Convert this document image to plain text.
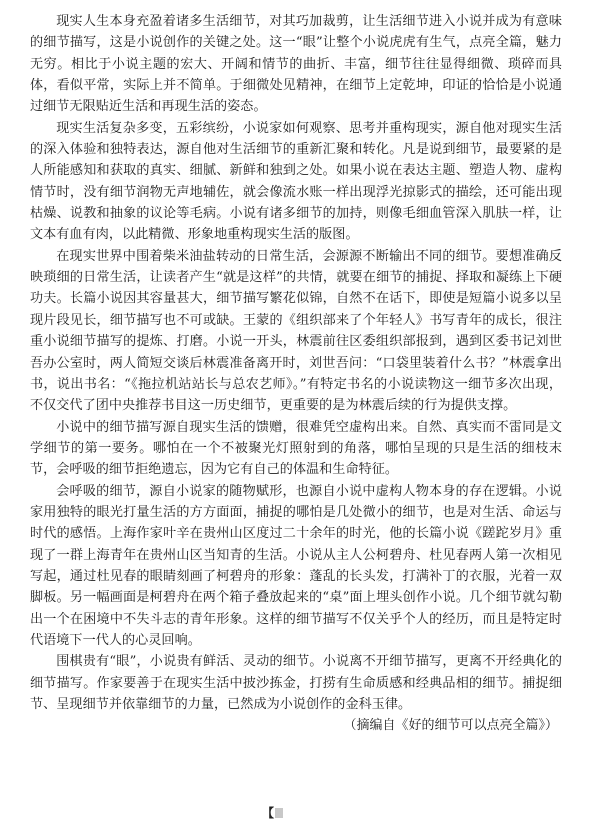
现实人生本身充盈着诸多生活细节，对其巧加裁剪，让生活细节进入小说并成为有意味的细节描写，这是小说创作的关键之处。这一“眼”让整个小说虎虎有生气，点亮全篇，魅力无穷。相比于小说主题的宏大、开阔和情节的曲折、丰富，细节往往显得细微、琐碎而具体，看似平常，实际上并不简单。于细微处见精神，在细节上定乾坤，印证的恰恰是小说通过细节无限贴近生活和再现生活的姿态。

现实生活复杂多变，五彩缤纷，小说家如何观察、思考并重构现实，源自他对现实生活的深入体验和独特表达，源自他对生活细节的重新汇聚和转化。凡是说到细节，最要紧的是人所能感知和获取的真实、细腻、新鲜和独到之处。如果小说在表达主题、塑造人物、虚构情节时，没有细节润物无声地辅佐，就会像流水账一样出现浮光掠影式的描绘，还可能出现枯燥、说教和抽象的议论等毛病。小说有诸多细节的加持，则像毛细血管深入肌肤一样，让文本有血有肉，以此精微、形象地重构现实生活的版图。

在现实世界中围着柴米油盐转动的日常生活，会源源不断输出不同的细节。要想准确反映琐细的日常生活，让读者产生“就是这样”的共情，就要在细节的捕捉、择取和凝练上下硬功夫。长篇小说因其容量甚大，细节描写繁花似锦，自然不在话下，即使是短篇小说多以呈现片段见长，细节描写也不可或缺。王蒙的《组织部来了个年轻人》书写青年的成长，很注重小说细节描写的提炼、打磨。小说一开头，林震前往区委组织部报到，遇到区委书记刘世吾办公室时，两人简短交谈后林震准备离开时，刘世吾问：“口袋里装着什么书？”林震拿出书，说出书名：“《拖拉机站站长与总农艺师》。”有特定书名的小说读物这一细节多次出现，不仅交代了团中央推荐书目这一历史细节，更重要的是为林震后续的行为提供支撑。

小说中的细节描写源自现实生活的馈赠，很难凭空虚构出来。自然、真实而不雷同是文学细节的第一要务。哪怕在一个不被聚光灯照射到的角落，哪怕呈现的只是生活的细枝末节，会呼吸的细节拒绝遗忘，因为它有自己的体温和生命特征。

会呼吸的细节，源自小说家的随物赋形，也源自小说中虚构人物本身的存在逻辑。小说家用独特的眼光打量生活的方方面面，捕捉的哪怕是几处微小的细节，也是对生活、命运与时代的感悟。上海作家叶辛在贵州山区度过二十余年的时光，他的长篇小说《蹉跎岁月》重现了一群上海青年在贵州山区当知青的生活。小说从主人公柯碧舟、杜见春两人第一次相见写起，通过杜见春的眼睛刻画了柯碧舟的形象：蓬乱的长头发，打满补丁的衣服，光着一双脚板。另一幅画面是柯碧舟在两个箱子叠放起来的“桌”面上埋头创作小说。几个细节就勾勒出一个在困境中不失斗志的青年形象。这样的细节描写不仅关乎个人的经历，而且是特定时代语境下一代人的心灵回响。

围棋贵有“眼”，小说贵有鲜活、灵动的细节。小说离不开细节描写，更离不开经典化的细节描写。作家要善于在现实生活中披沙拣金，打捞有生命质感和经典品相的细节。捕捉细节、呈现细节并依靠细节的力量，已然成为小说创作的金科玉律。

（摘编自《好的细节可以点亮全篇》）

【
